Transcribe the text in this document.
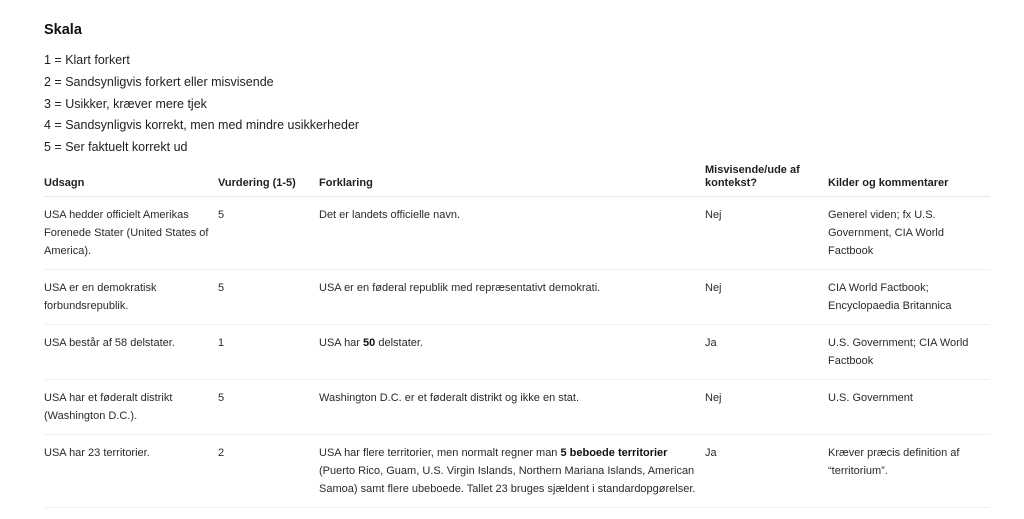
Skala
1 = Klart forkert
2 = Sandsynligvis forkert eller misvisende
3 = Usikker, kræver mere tjek
4 = Sandsynligvis korrekt, men med mindre usikkerheder
5 = Ser faktuelt korrekt ud
Udsagn	Vurdering (1-5)	Forklaring	Misvisende/ude af kontekst?	Kilder og kommentarer
USA hedder officielt Amerikas Forenede Stater (United States of America).	5	Det er landets officielle navn.	Nej	Generel viden; fx U.S. Government, CIA World Factbook
USA er en demokratisk forbundsrepublik.	5	USA er en føderal republik med repræsentativt demokrati.	Nej	CIA World Factbook; Encyclopaedia Britannica
USA består af 58 delstater.	1	USA har 50 delstater.	Ja	U.S. Government; CIA World Factbook
USA har et føderalt distrikt (Washington D.C.).	5	Washington D.C. er et føderalt distrikt og ikke en stat.	Nej	U.S. Government
USA har 23 territorier.	2	USA har flere territorier, men normalt regner man 5 beboede territorier (Puerto Rico, Guam, U.S. Virgin Islands, Northern Mariana Islands, American Samoa) samt flere ubeboede. Tallet 23 bruges sjældent i standardopgørelser.	Ja	Kræver præcis definition af “territorium”.
